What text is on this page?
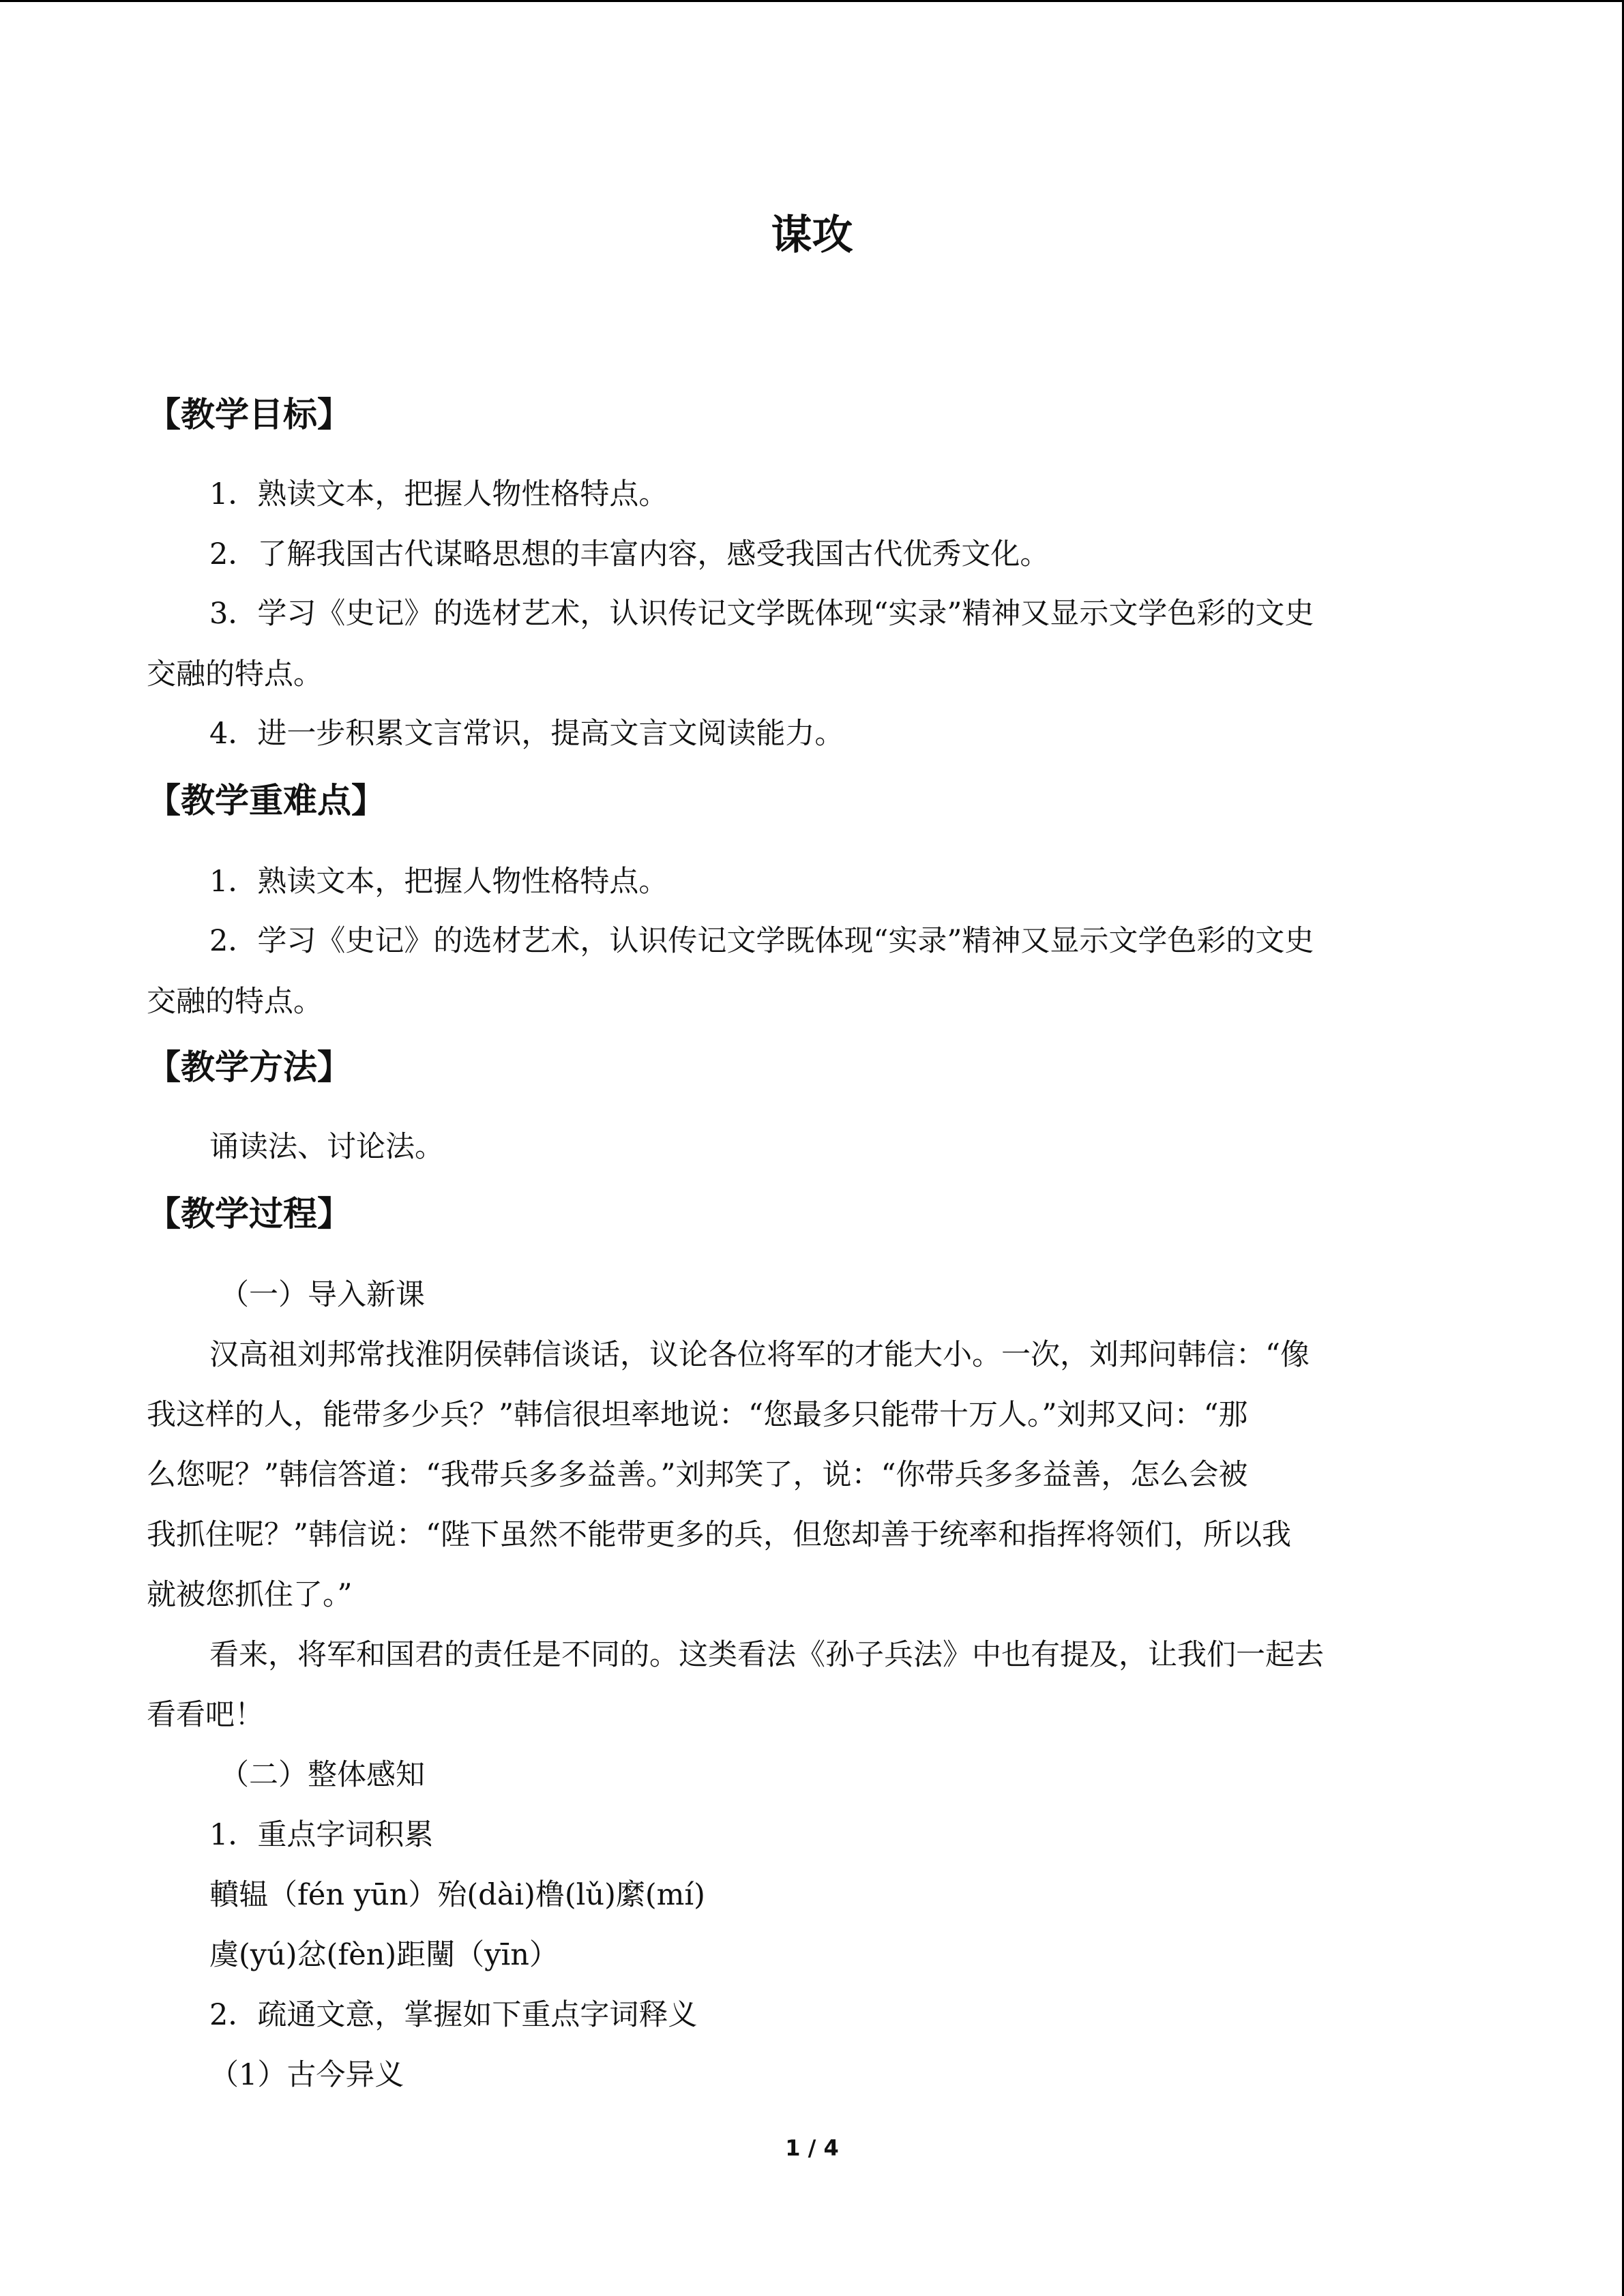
谋攻
【教学目标】
1．熟读文本，把握人物性格特点。
2．了解我国古代谋略思想的丰富内容，感受我国古代优秀文化。
3．学习《史记》的选材艺术，认识传记文学既体现“实录”精神又显示文学色彩的文史
交融的特点。
4．进一步积累文言常识，提高文言文阅读能力。
【教学重难点】
1．熟读文本，把握人物性格特点。
2．学习《史记》的选材艺术，认识传记文学既体现“实录”精神又显示文学色彩的文史
交融的特点。
【教学方法】
诵读法、讨论法。
【教学过程】
（一）导入新课
汉高祖刘邦常找淮阴侯韩信谈话，议论各位将军的才能大小。一次，刘邦问韩信：“像
我这样的人，能带多少兵？”韩信很坦率地说：“您最多只能带十万人。”刘邦又问：“那
么您呢？”韩信答道：“我带兵多多益善。”刘邦笑了，说：“你带兵多多益善，怎么会被
我抓住呢？”韩信说：“陛下虽然不能带更多的兵，但您却善于统率和指挥将领们，所以我
就被您抓住了。”
看来，将军和国君的责任是不同的。这类看法《孙子兵法》中也有提及，让我们一起去
看看吧！
（二）整体感知
1．重点字词积累
轒辒（fén yūn）殆(dài)橹(lǔ)縻(mí)
虞(yú)忿(fèn)距闉（yīn）
2．疏通文意，掌握如下重点字词释义
（1）古今异义
1 / 4
